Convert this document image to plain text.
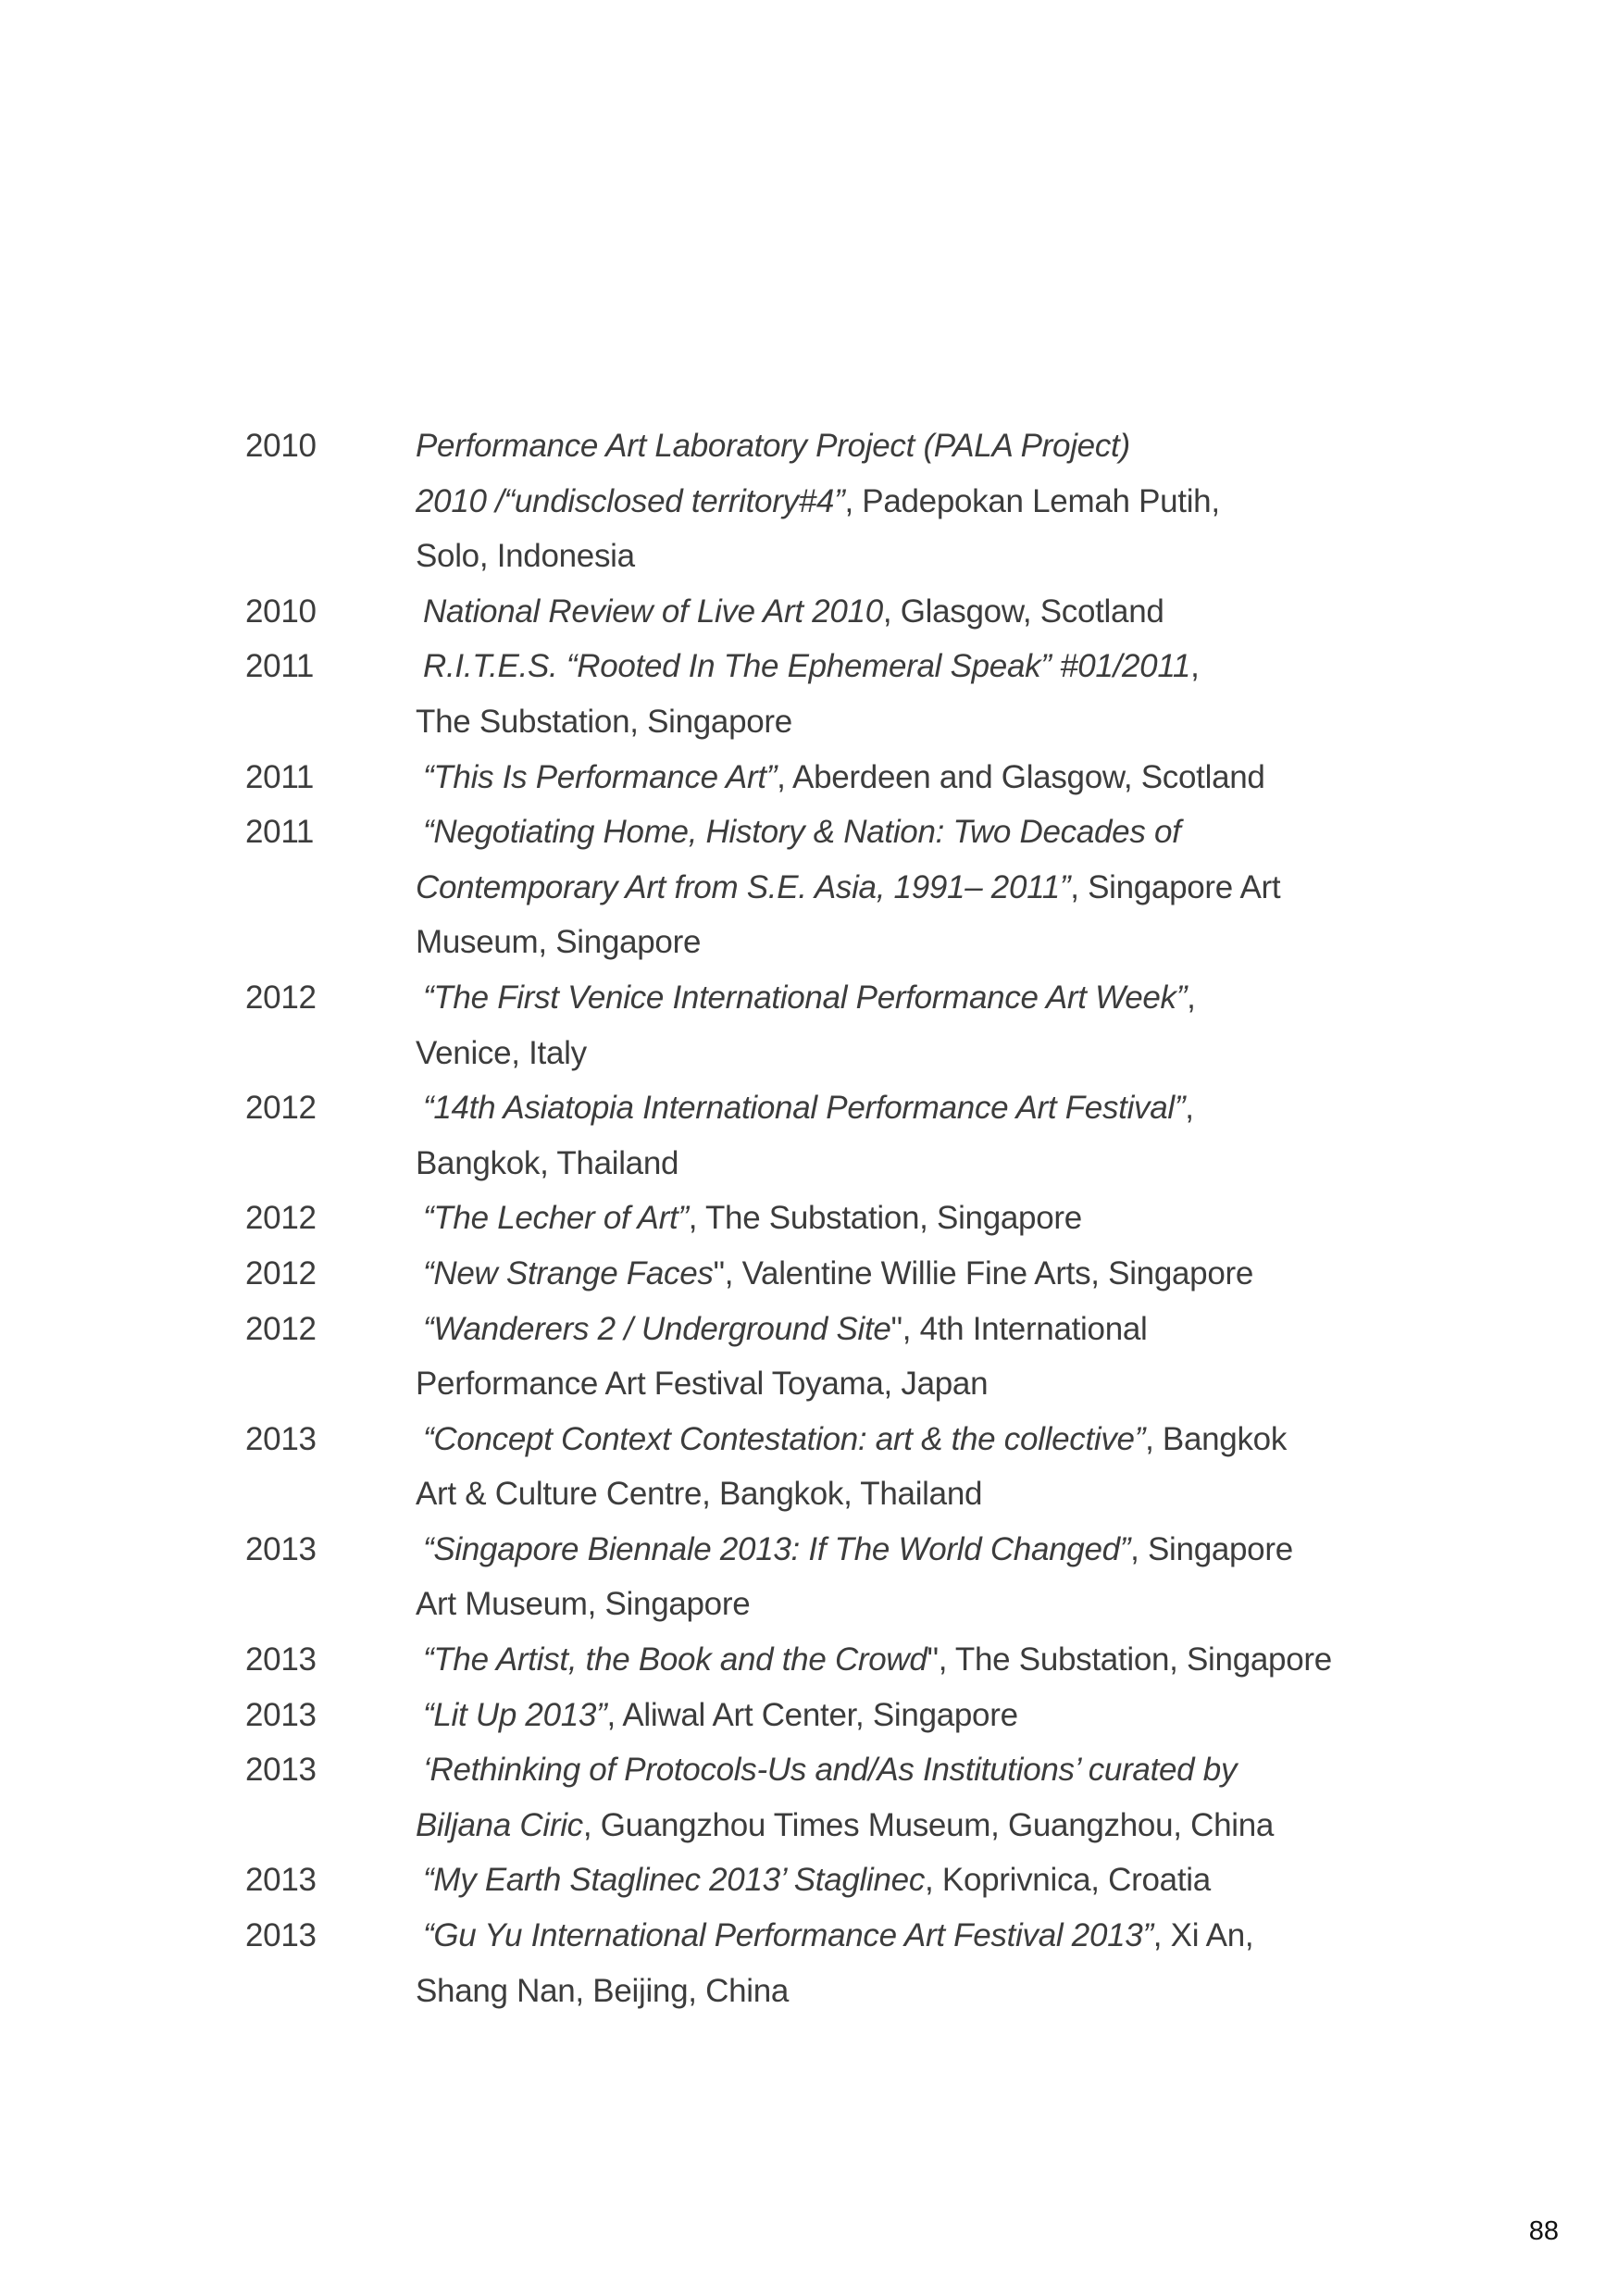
2010	Performance Art Laboratory Project (PALA Project)
2010 /“undisclosed territory#4”, Padepokan Lemah Putih,
Solo, Indonesia
2010	National Review of Live Art 2010, Glasgow, Scotland
2011	R.I.T.E.S. “Rooted In The Ephemeral Speak” #01/2011,
The Substation, Singapore
2011	“This Is Performance Art”, Aberdeen and Glasgow, Scotland
2011	“Negotiating Home, History & Nation: Two Decades of
Contemporary Art from S.E. Asia, 1991– 2011”, Singapore Art
Museum, Singapore
2012	“The First Venice International Performance Art Week”,
Venice, Italy
2012	“14th Asiatopia International Performance Art Festival”,
Bangkok, Thailand
2012	“The Lecher of Art”, The Substation, Singapore
2012	“New Strange Faces", Valentine Willie Fine Arts, Singapore
2012	“Wanderers 2 / Underground Site", 4th International
Performance Art Festival Toyama, Japan
2013	“Concept Context Contestation: art & the collective”, Bangkok
Art & Culture Centre, Bangkok, Thailand
2013	“Singapore Biennale 2013: If The World Changed”, Singapore
Art Museum, Singapore
2013	“The Artist, the Book and the Crowd", The Substation, Singapore
2013	“Lit Up 2013”, Aliwal Art Center, Singapore
2013	‘Rethinking of Protocols-Us and/As Institutions’ curated by
Biljana Ciric, Guangzhou Times Museum, Guangzhou, China
2013	“My Earth Staglinec 2013’ Staglinec, Koprivnica, Croatia
2013	“Gu Yu International Performance Art Festival 2013”, Xi An,
Shang Nan, Beijing, China
88
